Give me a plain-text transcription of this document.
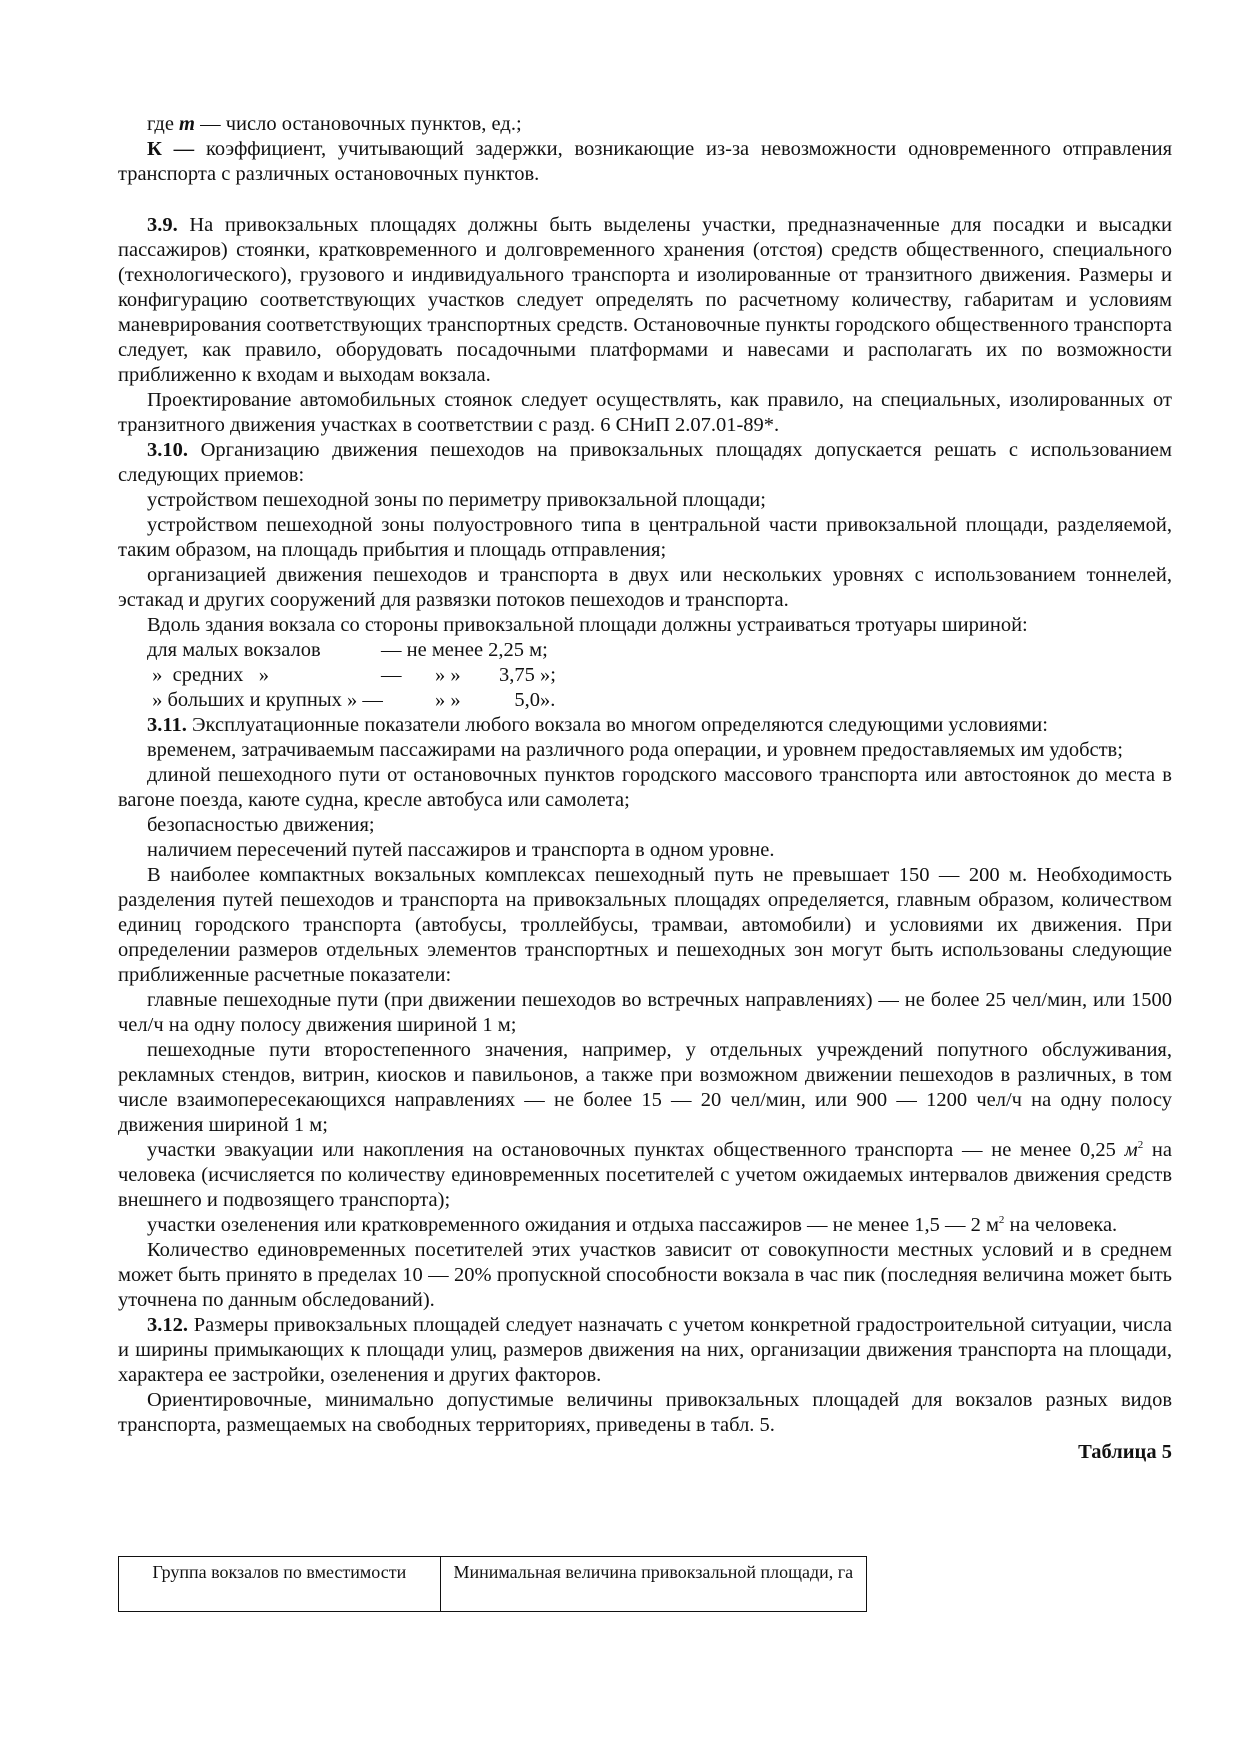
где m — число остановочных пунктов, ед.;

К — коэффициент, учитывающий задержки, возникающие из-за невозможности одновременного отправления транспорта с различных остановочных пунктов.

3.9. На привокзальных площадях должны быть выделены участки, предназначенные для посадки и высадки пассажиров) стоянки, кратковременного и долговременного хранения (отстоя) средств общественного, специального (технологического), грузового и индивидуального транспорта и изолированные от транзитного движения. Размеры и конфигурацию соответствующих участков следует определять по расчетному количеству, габаритам и условиям маневрирования соответствующих транспортных средств. Остановочные пункты городского общественного транспорта следует, как правило, оборудовать посадочными платформами и навесами и располагать их по возможности приближенно к входам и выходам вокзала.

Проектирование автомобильных стоянок следует осуществлять, как правило, на специальных, изолированных от транзитного движения участках в соответствии с разд. 6 СНиП 2.07.01-89*.

3.10. Организацию движения пешеходов на привокзальных площадях допускается решать с использованием следующих приемов:

устройством пешеходной зоны по периметру привокзальной площади;

устройством пешеходной зоны полуостровного типа в центральной части привокзальной площади, разделяемой, таким образом, на площадь прибытия и площадь отправления;

организацией движения пешеходов и транспорта в двух или нескольких уровнях с использованием тоннелей, эстакад и других сооружений для развязки потоков пешеходов и транспорта.

Вдоль здания вокзала со стороны привокзальной площади должны устраиваться тротуары шириной:

для малых вокзалов	— не менее 2,25 м;
»  средних   »	—	» »	3,75 »;
» больших и крупных » —	» »	5,0».

3.11. Эксплуатационные показатели любого вокзала во многом определяются следующими условиями:

временем, затрачиваемым пассажирами на различного рода операции, и уровнем предоставляемых им удобств;

длиной пешеходного пути от остановочных пунктов городского массового транспорта или автостоянок до места в вагоне поезда, каюте судна, кресле автобуса или самолета;

безопасностью движения;

наличием пересечений путей пассажиров и транспорта в одном уровне.

В наиболее компактных вокзальных комплексах пешеходный путь не превышает 150 — 200 м. Необходимость разделения путей пешеходов и транспорта на привокзальных площадях определяется, главным образом, количеством единиц городского транспорта (автобусы, троллейбусы, трамваи, автомобили) и условиями их движения. При определении размеров отдельных элементов транспортных и пешеходных зон могут быть использованы следующие приближенные расчетные показатели:

главные пешеходные пути (при движении пешеходов во встречных направлениях) — не более 25 чел/мин, или 1500 чел/ч на одну полосу движения шириной 1 м;

пешеходные пути второстепенного значения, например, у отдельных учреждений попутного обслуживания, рекламных стендов, витрин, киосков и павильонов, а также при возможном движении пешеходов в различных, в том числе взаимопересекающихся направлениях — не более 15 — 20 чел/мин, или 900 — 1200 чел/ч на одну полосу движения шириной 1 м;

участки эвакуации или накопления на остановочных пунктах общественного транспорта — не менее 0,25 $м^2$ на человека (исчисляется по количеству единовременных посетителей с учетом ожидаемых интервалов движения средств внешнего и подвозящего транспорта);

участки озеленения или кратковременного ожидания и отдыха пассажиров — не менее 1,5 — 2 $м^2$ на человека.

Количество единовременных посетителей этих участков зависит от совокупности местных условий и в среднем может быть принято в пределах 10 — 20% пропускной способности вокзала в час пик (последняя величина может быть уточнена по данным обследований).

3.12. Размеры привокзальных площадей следует назначать с учетом конкретной градостроительной ситуации, числа и ширины примыкающих к площади улиц, размеров движения на них, организации движения транспорта на площади, характера ее застройки, озеленения и других факторов.

Ориентировочные, минимально допустимые величины привокзальных площадей для вокзалов разных видов транспорта, размещаемых на свободных территориях, приведены в табл. 5.

Таблица 5

Группа вокзалов по вместимости	Минимальная величина привокзальной площади, га
